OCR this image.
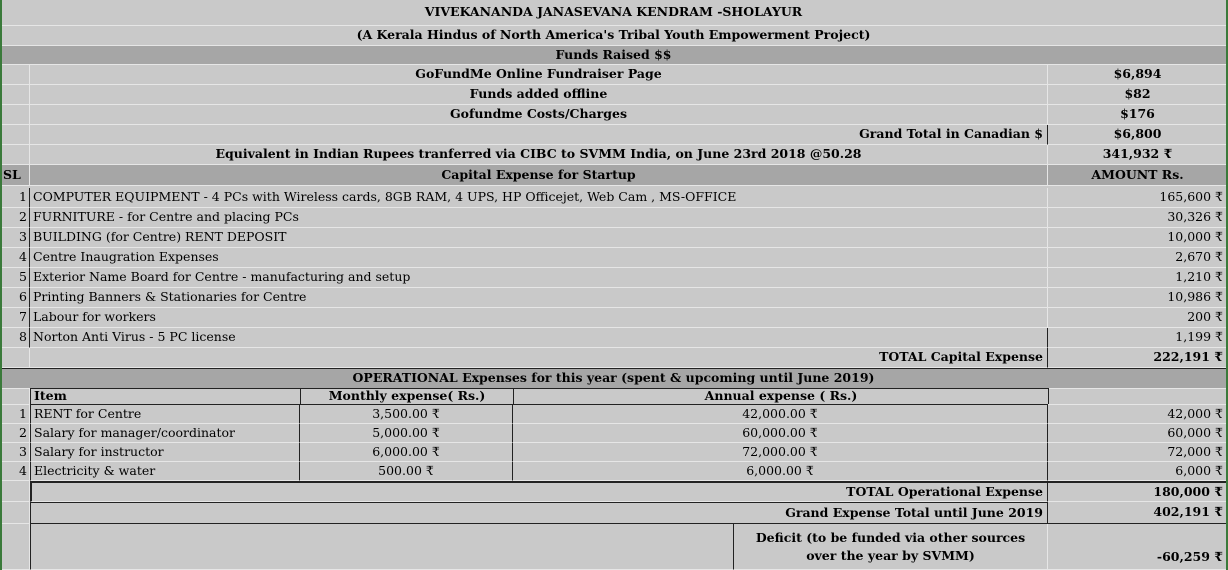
VIVEKANANDA JANASEVANA KENDRAM -SHOLAYUR
(A Kerala Hindus of North America's Tribal Youth Empowerment Project)
Funds Raised $$
GoFundMe Online Fundraiser Page	$6,894
Funds added offline	$82
Gofundme Costs/Charges	$176
Grand Total in Canadian $	$6,800
Equivalent in Indian Rupees tranferred via CIBC to SVMM India, on June 23rd 2018 @50.28	341,932 ₹
SL	Capital Expense for Startup	AMOUNT Rs.
1 COMPUTER EQUIPMENT - 4 PCs with Wireless cards, 8GB RAM, 4 UPS, HP Officejet, Web Cam , MS-OFFICE	165,600 ₹
2 FURNITURE - for Centre and placing PCs	30,326 ₹
3 BUILDING (for Centre) RENT DEPOSIT	10,000 ₹
4 Centre Inaugration Expenses	2,670 ₹
5 Exterior Name Board for Centre - manufacturing and setup	1,210 ₹
6 Printing Banners & Stationaries for Centre	10,986 ₹
7 Labour for workers	200 ₹
8 Norton Anti Virus - 5 PC license	1,199 ₹
TOTAL Capital Expense	222,191 ₹
OPERATIONAL Expenses for this year (spent & upcoming until June 2019)
Item	Monthly expense( Rs.)	Annual expense ( Rs.)
1 RENT for Centre	3,500.00 ₹	42,000.00 ₹	42,000 ₹
2 Salary for manager/coordinator	5,000.00 ₹	60,000.00 ₹	60,000 ₹
3 Salary for instructor	6,000.00 ₹	72,000.00 ₹	72,000 ₹
4 Electricity & water	500.00 ₹	6,000.00 ₹	6,000 ₹
TOTAL Operational Expense	180,000 ₹
Grand Expense Total until June 2019	402,191 ₹
Deficit (to be funded via other sources over the year by SVMM)	-60,259 ₹
